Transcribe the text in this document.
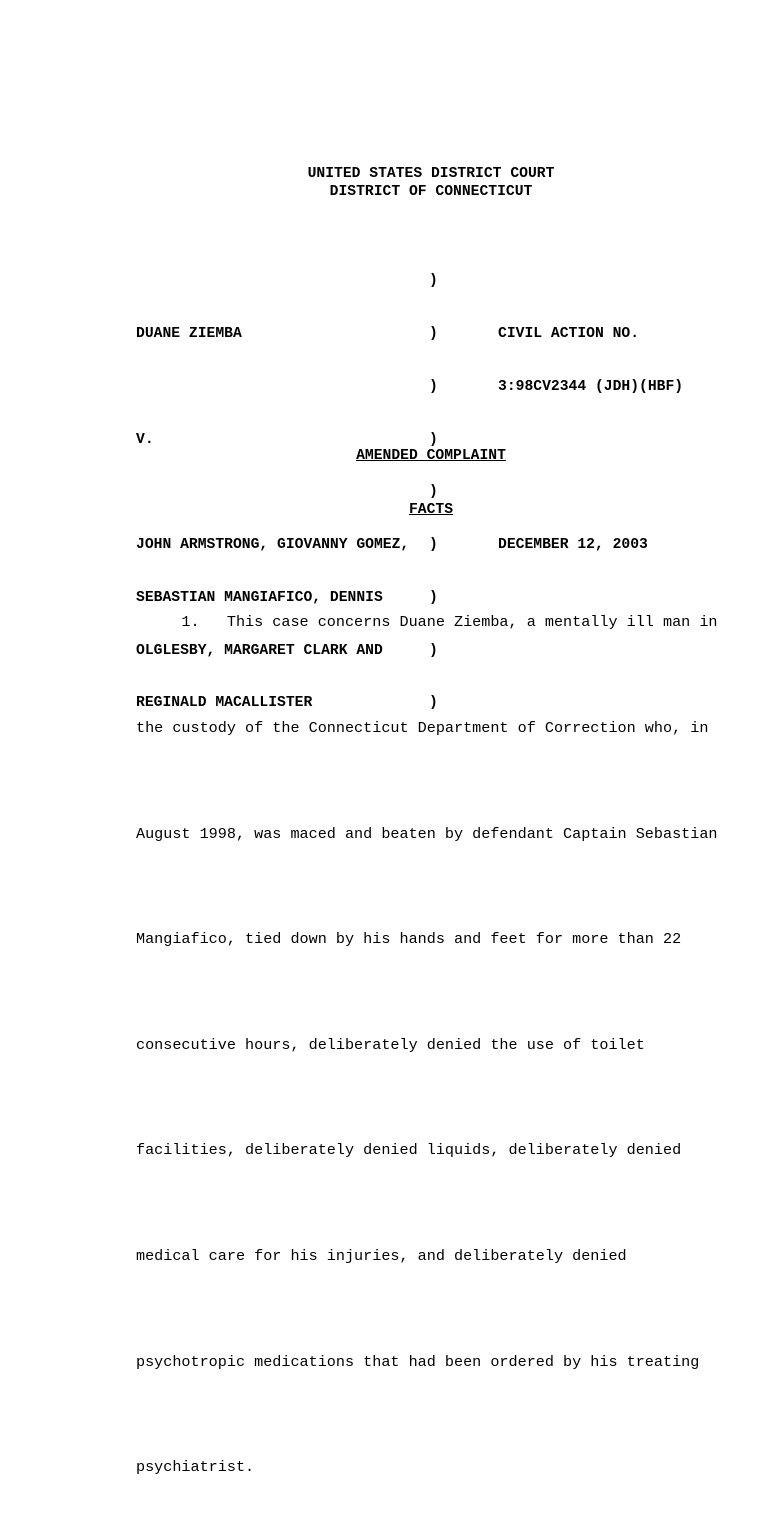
UNITED STATES DISTRICT COURT
DISTRICT OF CONNECTICUT

DUANE ZIEMBA

V.

JOHN ARMSTRONG, GIOVANNY GOMEZ,

SEBASTIAN MANGIAFICO, DENNIS

OLGLESBY, MARGARET CLARK AND

REGINALD MACALLISTER

)

)

)

)

)

)

)

)

)

CIVIL ACTION NO.

3:98CV2344 (JDH)(HBF)

DECEMBER 12, 2003

AMENDED COMPLAINT
FACTS

1.   This case concerns Duane Ziemba, a mentally ill man in

the custody of the Connecticut Department of Correction who, in

August 1998, was maced and beaten by defendant Captain Sebastian

Mangiafico, tied down by his hands and feet for more than 22

consecutive hours, deliberately denied the use of toilet

facilities, deliberately denied liquids, deliberately denied

medical care for his injuries, and deliberately denied

psychotropic medications that had been ordered by his treating

psychiatrist.
